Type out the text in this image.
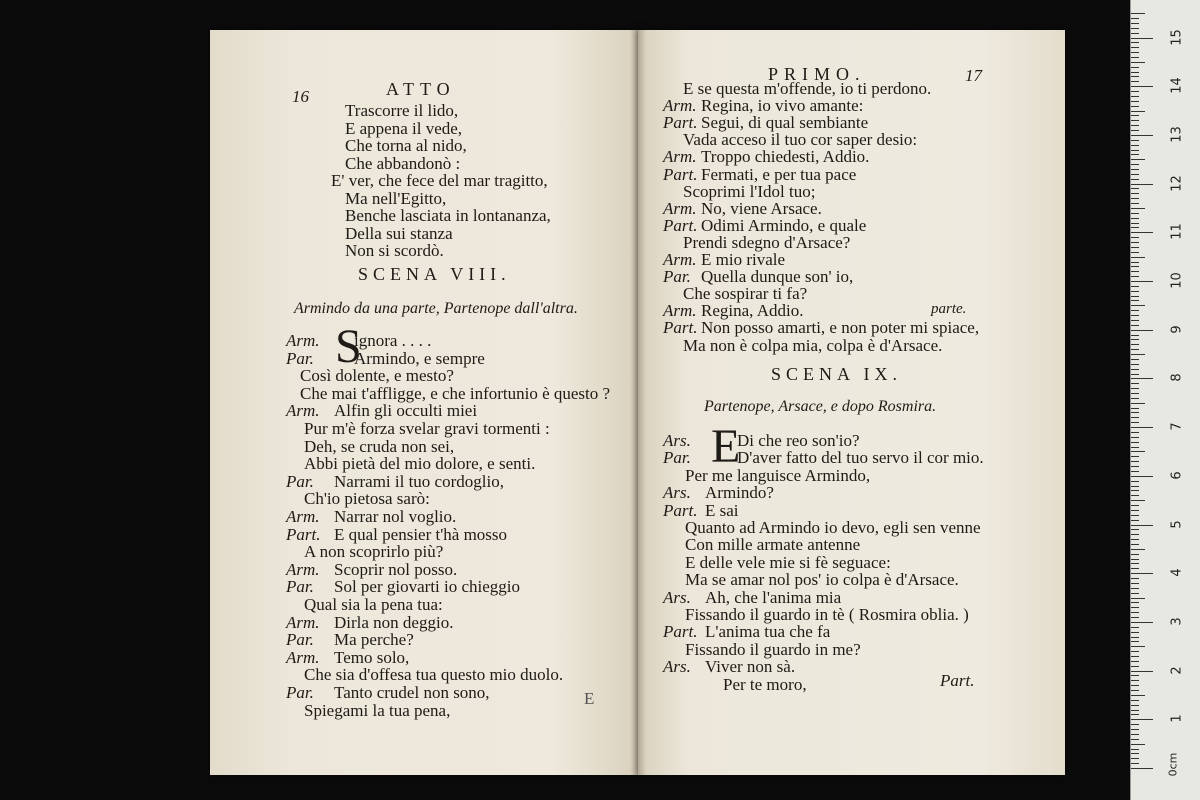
16	ATTO
Trascorre il lido,
E appena il vede,
Che torna al nido,
Che abbandonò :
E' ver, che fece del mar tragitto,
Ma nell'Egitto,
Benche lasciata in lontananza,
Della sui stanza
Non si scordò.
SCENA VIII.
Armindo da una parte, Partenope dall'altra.
S
Arm. ignora . . . .
Par. Armindo, e sempre
Così dolente, e mesto?
Che mai t'affligge, e che infortunio è questo ?
Arm. Alfin gli occulti miei
Pur m'è forza svelar gravi tormenti :
Deh, se cruda non sei,
Abbi pietà del mio dolore, e senti.
Par. Narrami il tuo cordoglio,
Ch'io pietosa sarò:
Arm. Narrar nol voglio.
Part. E qual pensier t'hà mosso
A non scoprirlo più?
Arm. Scoprir nol posso.
Par. Sol per giovarti io chieggio
Qual sia la pena tua:
Arm. Dirla non deggio.
Par. Ma perche?
Arm. Temo solo,
Che sia d'offesa tua questo mio duolo.
Par. Tanto crudel non sono,
Spiegami la tua pena,
E
PRIMO.	17
E se questa m'offende, io ti perdono.
Arm. Regina, io vivo amante:
Part. Segui, di qual sembiante
Vada acceso il tuo cor saper desio:
Arm. Troppo chiedesti, Addio.
Part. Fermati, e per tua pace
Scoprimi l'Idol tuo;
Arm. No, viene Arsace.
Part. Odimi Armindo, e quale
Prendi sdegno d'Arsace?
Arm. E mio rivale
Par. Quella dunque son' io,
Che sospirar ti fa?
Arm. Regina, Addio.
Part. Non posso amarti, e non poter mi spiace,
Ma non è colpa mia, colpa è d'Arsace.
parte.
SCENA IX.
Partenope, Arsace, e dopo Rosmira.
E
Ars.	Di che reo son'io?
Par.	D'aver fatto del tuo servo il cor mio.
Per me languisce Armindo,
Ars. Armindo?
Part. E sai
Quanto ad Armindo io devo, egli sen venne
Con mille armate antenne
E delle vele mie si fè seguace:
Ma se amar nol pos' io colpa è d'Arsace.
Ars. Ah, che l'anima mia
Fissando il guardo in tè ( Rosmira oblia. )
Part. L'anima tua che fa
Fissando il guardo in me?
Ars. Viver non sà.
Per te moro,	Part.
0cm
15
14
13
12
11
10
9
8
7
6
5
4
3
2
1
